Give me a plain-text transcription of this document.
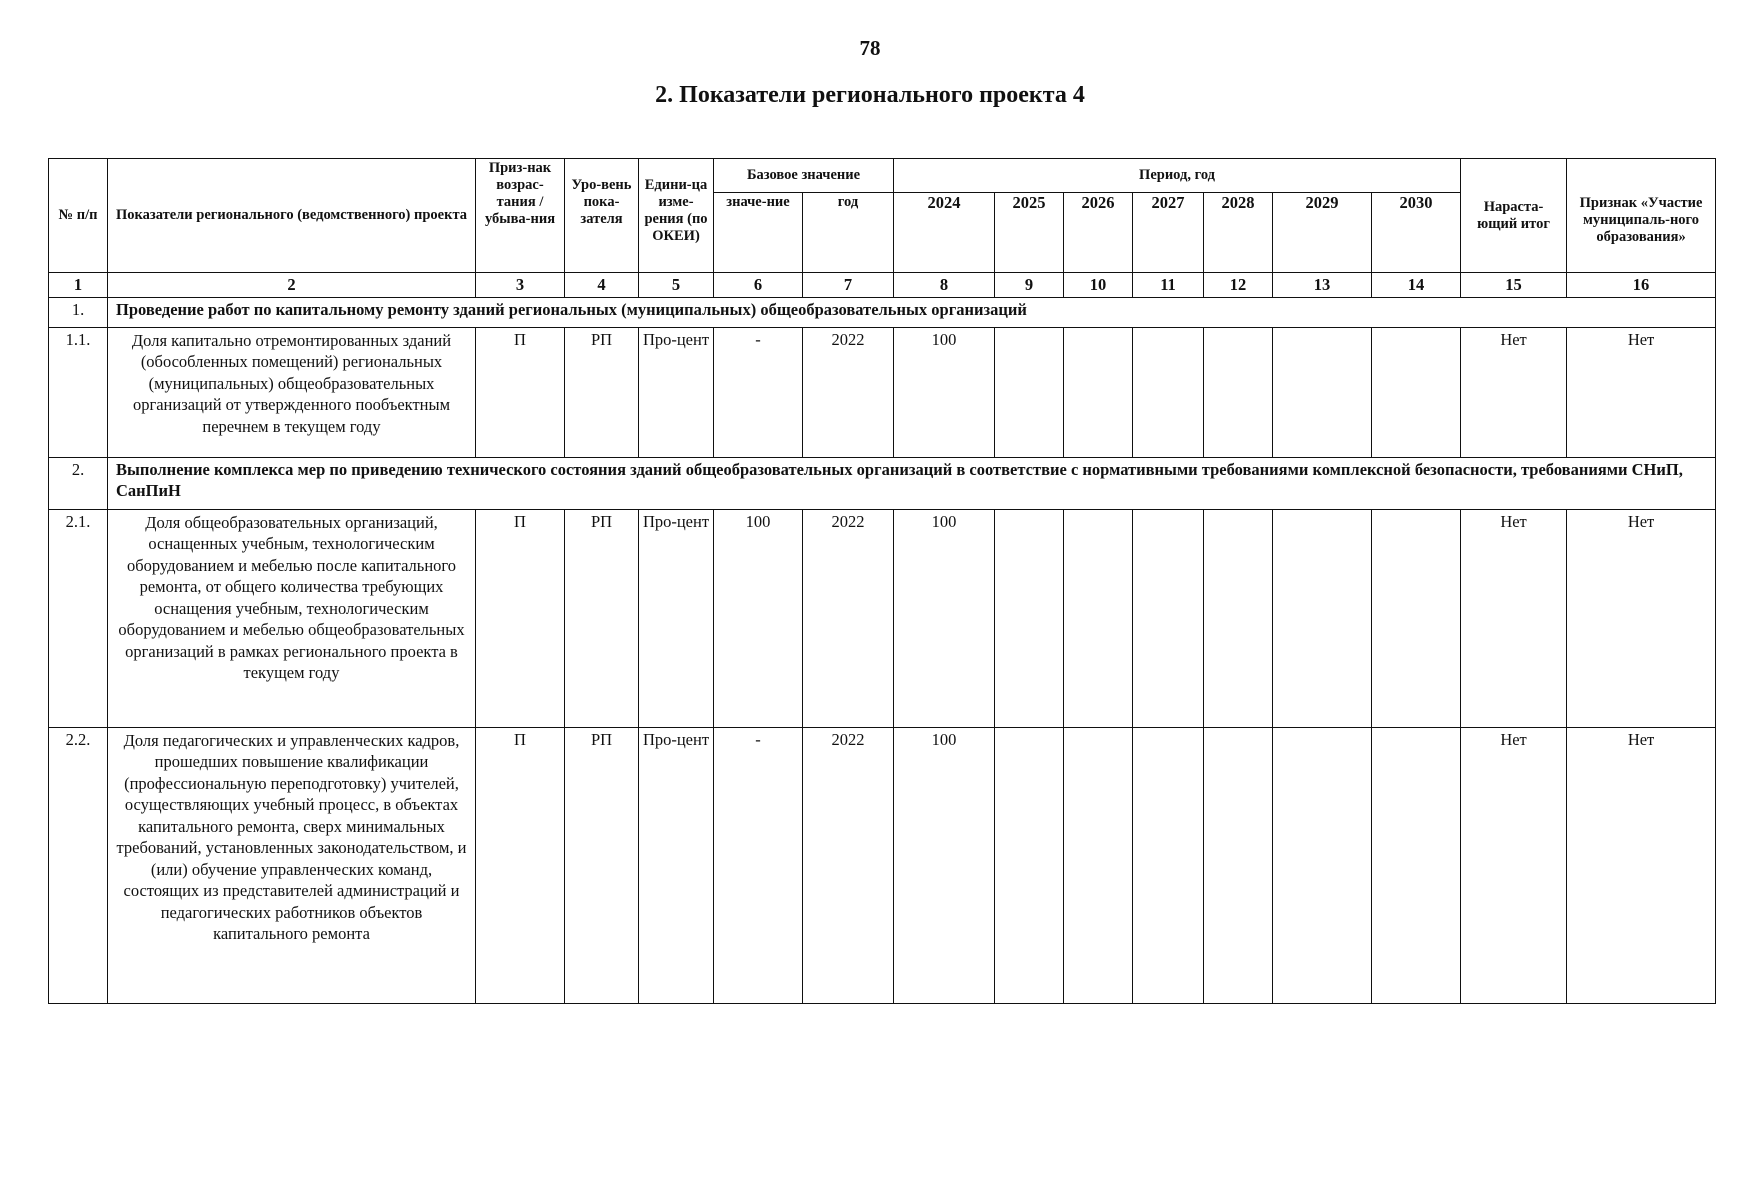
78
2. Показатели регионального проекта 4
№ п/п	Показатели регионального (ведомственного) проекта	Приз-нак возрас-тания / убыва-ния	Уро-вень пока-зателя	Едини-ца изме-рения (по ОКЕИ)	Базовое значение		Период, год							Нараста-ющий итог	Признак «Участие муниципаль-ного образования»
					значе-ние	год	2024	2025	2026	2027	2028	2029	2030		
1	2	3	4	5	6	7	8	9	10	11	12	13	14	15	16
1.	Проведение работ по капитальному ремонту зданий региональных (муниципальных) общеобразовательных организаций														
1.1.	Доля капитально отремонтированных зданий (обособленных помещений) региональных (муниципальных) общеобразовательных организаций от утвержденного пообъектным перечнем в текущем году	П	РП	Про-цент	-	2022	100							Нет	Нет
2.	Выполнение комплекса мер по приведению технического состояния зданий общеобразовательных организаций в соответствие с нормативными требованиями комплексной безопасности, требованиями СНиП, СанПиН														
2.1.	Доля общеобразовательных организаций, оснащенных учебным, технологическим оборудованием и мебелью после капитального ремонта, от общего количества требующих оснащения учебным, технологическим оборудованием и мебелью общеобразовательных организаций в рамках регионального проекта в текущем году	П	РП	Про-цент	100	2022	100							Нет	Нет
2.2.	Доля педагогических и управленческих кадров, прошедших повышение квалификации (профессиональную переподготовку) учителей, осуществляющих учебный процесс, в объектах капитального ремонта, сверх минимальных требований, установленных законодательством, и (или) обучение управленческих команд, состоящих из представителей администраций и педагогических работников объектов капитального ремонта	П	РП	Про-цент	-	2022	100							Нет	Нет
